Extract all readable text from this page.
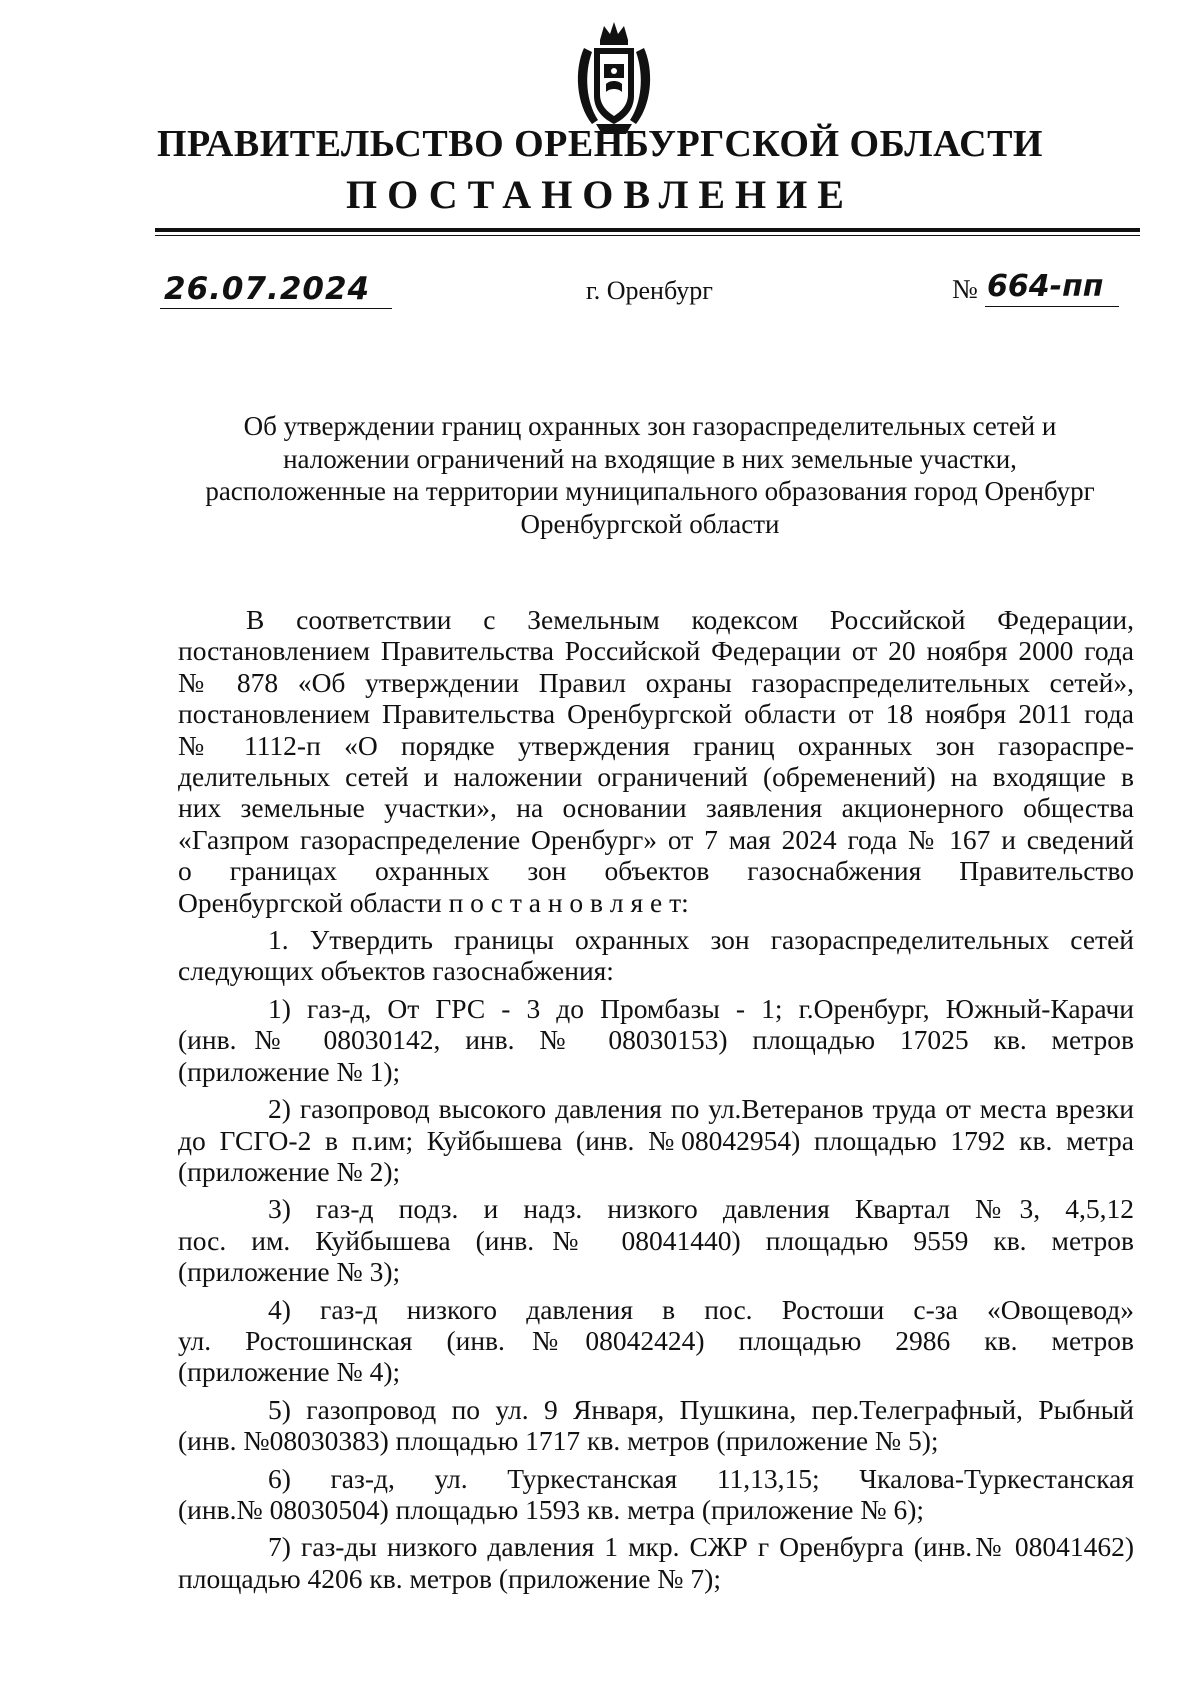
ПРАВИТЕЛЬСТВО ОРЕНБУРГСКОЙ ОБЛАСТИ
ПОСТАНОВЛЕНИЕ
26.07.2024	г. Оренбург	№ 664-пп
Об утверждении границ охранных зон газораспределительных сетей и
наложении ограничений на входящие в них земельные участки,
расположенные на территории муниципального образования город Оренбург
Оренбургской области
В соответствии с Земельным кодексом Российской Федерации,
постановлением Правительства Российской Федерации от 20 ноября 2000 года
№ 878 «Об утверждении Правил охраны газораспределительных сетей»,
постановлением Правительства Оренбургской области от 18 ноября 2011 года
№ 1112-п «О порядке утверждения границ охранных зон газораспре-
делительных сетей и наложении ограничений (обременений) на входящие в
них земельные участки», на основании заявления акционерного общества
«Газпром газораспределение Оренбург» от 7 мая 2024 года № 167 и сведений
о границах охранных зон объектов газоснабжения Правительство
Оренбургской области п о с т а н о в л я е т:
1. Утвердить границы охранных зон газораспределительных сетей
следующих объектов газоснабжения:
1) газ-д, От ГРС - 3 до Промбазы - 1; г.Оренбург, Южный-Карачи
(инв.№ 08030142, инв. № 08030153) площадью 17025 кв. метров
(приложение № 1);
2) газопровод высокого давления по ул.Ветеранов труда от места врезки
до ГСГО-2 в п.им; Куйбышева (инв. №08042954) площадью 1792 кв. метра
(приложение № 2);
3) газ-д подз. и надз. низкого давления Квартал №3, 4,5,12
пос. им. Куйбышева (инв.№ 08041440) площадью 9559 кв. метров
(приложение № 3);
4) газ-д низкого давления в пос. Ростоши с-за «Овощевод»
ул. Ростошинская (инв.№08042424) площадью 2986 кв. метров
(приложение № 4);
5) газопровод по ул. 9 Января, Пушкина, пер.Телеграфный, Рыбный
(инв. №08030383) площадью 1717 кв. метров (приложение № 5);
6) газ-д, ул. Туркестанская 11,13,15; Чкалова-Туркестанская
(инв.№ 08030504) площадью 1593 кв. метра (приложение № 6);
7) газ-ды низкого давления 1 мкр. СЖР г Оренбурга (инв.№ 08041462)
площадью 4206 кв. метров (приложение № 7);
